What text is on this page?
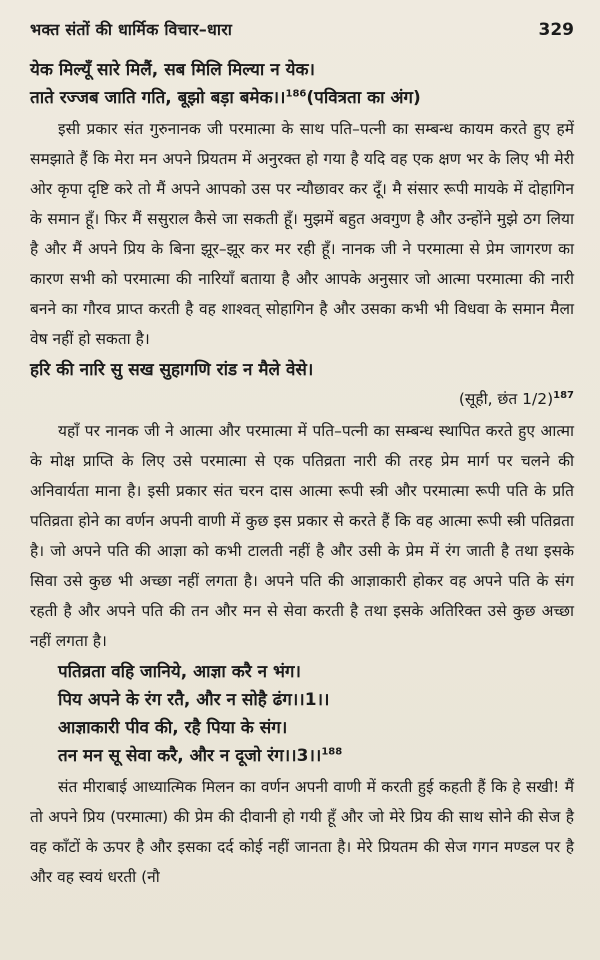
भक्त संतों की धार्मिक विचार–धारा	329

येक मिल्यूँ सारे मिलैं, सब मिलि मिल्या न येक।

ताते रज्जब जाति गति, बूझो बड़ा बमेक।।$^{186}$(पवित्रता का अंग)

इसी प्रकार संत गुरुनानक जी परमात्मा के साथ पति–पत्नी का सम्बन्ध कायम करते हुए हमें समझाते हैं कि मेरा मन अपने प्रियतम में अनुरक्त हो गया है यदि वह एक क्षण भर के लिए भी मेरी ओर कृपा दृष्टि करे तो मैं अपने आपको उस पर न्यौछावर कर दूँ। मै संसार रूपी मायके में दोहागिन के समान हूँ। फिर मैं ससुराल कैसे जा सकती हूँ। मुझमें बहुत अवगुण है और उन्होंने मुझे ठग लिया है और मैं अपने प्रिय के बिना झूर–झूर कर मर रही हूँ। नानक जी ने परमात्मा से प्रेम जागरण का कारण सभी को परमात्मा की नारियाँ बताया है और आपके अनुसार जो आत्मा परमात्मा की नारी बनने का गौरव प्राप्त करती है वह शाश्वत् सोहागिन है और उसका कभी भी विधवा के समान मैला वेष नहीं हो सकता है।

हरि की नारि सु सख सुहागणि रांड न मैले वेसे।

(सूही, छंत 1/2)$^{187}$

यहाँ पर नानक जी ने आत्मा और परमात्मा में पति–पत्नी का सम्बन्ध स्थापित करते हुए आत्मा के मोक्ष प्राप्ति के लिए उसे परमात्मा से एक पतिव्रता नारी की तरह प्रेम मार्ग पर चलने की अनिवार्यता माना है। इसी प्रकार संत चरन दास आत्मा रूपी स्त्री और परमात्मा रूपी पति के प्रति पतिव्रता होने का वर्णन अपनी वाणी में कुछ इस प्रकार से करते हैं कि वह आत्मा रूपी स्त्री पतिव्रता है। जो अपने पति की आज्ञा को कभी टालती नहीं है और उसी के प्रेम में रंग जाती है तथा इसके सिवा उसे कुछ भी अच्छा नहीं लगता है। अपने पति की आज्ञाकारी होकर वह अपने पति के संग रहती है और अपने पति की तन और मन से सेवा करती है तथा इसके अतिरिक्त उसे कुछ अच्छा नहीं लगता है।

पतिव्रता वहि जानिये, आज्ञा करै न भंग।

पिय अपने के रंग रतै, और न सोहै ढंग।।1।।

आज्ञाकारी पीव की, रहै पिया के संग।

तन मन सू सेवा करै, और न दूजो रंग।।3।।$^{188}$

संत मीराबाई आध्यात्मिक मिलन का वर्णन अपनी वाणी में करती हुई कहती हैं कि हे सखी! मैं तो अपने प्रिय (परमात्मा) की प्रेम की दीवानी हो गयी हूँ और जो मेरे प्रिय की साथ सोने की सेज है वह काँटों के ऊपर है और इसका दर्द कोई नहीं जानता है। मेरे प्रियतम की सेज गगन मण्डल पर है और वह स्वयं धरती (नौ
